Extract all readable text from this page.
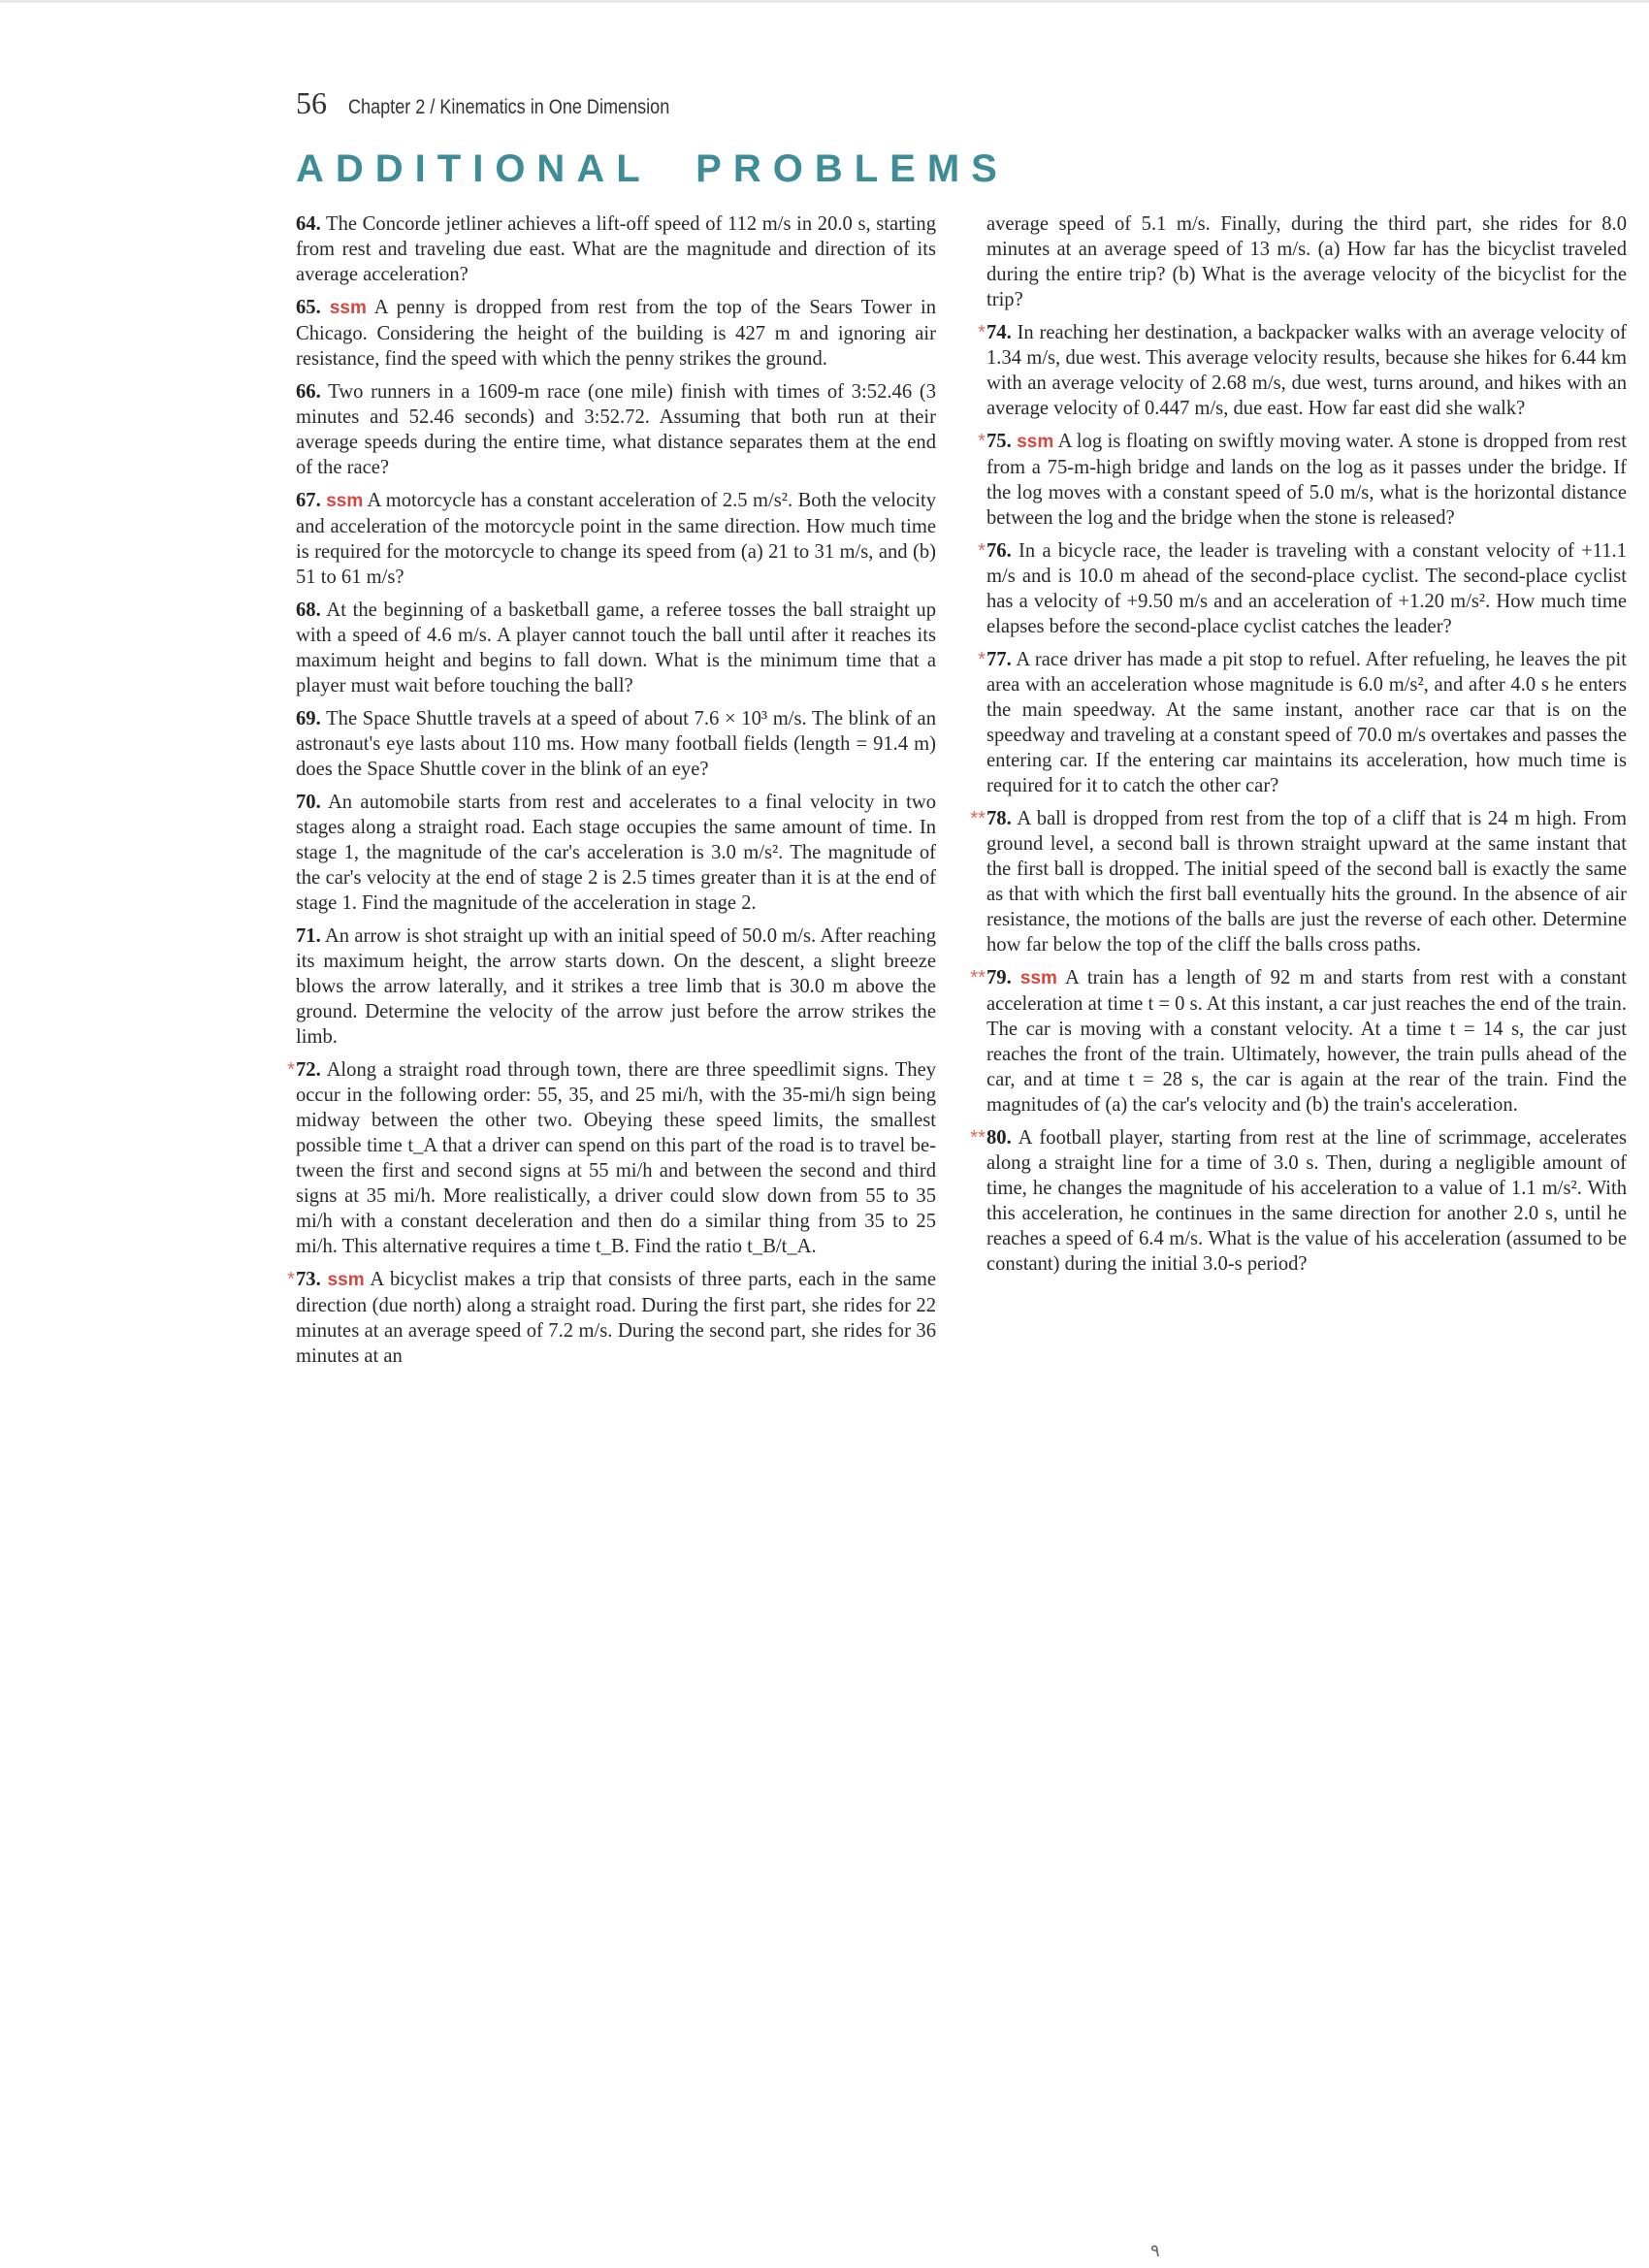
56 Chapter 2 / Kinematics in One Dimension
ADDITIONAL  PROBLEMS
64. The Concorde jetliner achieves a lift-off speed of 112 m/s in 20.0 s, starting from rest and traveling due east. What are the magnitude and direction of its average acceleration?
65. ssm A penny is dropped from rest from the top of the Sears Tower in Chicago. Considering the height of the building is 427 m and ignoring air resistance, find the speed with which the penny strikes the ground.
66. Two runners in a 1609-m race (one mile) finish with times of 3:52.46 (3 minutes and 52.46 seconds) and 3:52.72. Assuming that both run at their average speeds during the entire time, what distance separates them at the end of the race?
67. ssm A motorcycle has a constant acceleration of 2.5 m/s². Both the velocity and acceleration of the motorcycle point in the same direction. How much time is required for the motorcycle to change its speed from (a) 21 to 31 m/s, and (b) 51 to 61 m/s?
68. At the beginning of a basketball game, a referee tosses the ball straight up with a speed of 4.6 m/s. A player cannot touch the ball until after it reaches its maximum height and begins to fall down. What is the minimum time that a player must wait before touching the ball?
69. The Space Shuttle travels at a speed of about 7.6 × 10³ m/s. The blink of an astronaut's eye lasts about 110 ms. How many football fields (length = 91.4 m) does the Space Shuttle cover in the blink of an eye?
70. An automobile starts from rest and accelerates to a final velocity in two stages along a straight road. Each stage occupies the same amount of time. In stage 1, the magnitude of the car's acceleration is 3.0 m/s². The magnitude of the car's velocity at the end of stage 2 is 2.5 times greater than it is at the end of stage 1. Find the magnitude of the acceleration in stage 2.
71. An arrow is shot straight up with an initial speed of 50.0 m/s. After reaching its maximum height, the arrow starts down. On the descent, a slight breeze blows the arrow laterally, and it strikes a tree limb that is 30.0 m above the ground. Determine the velocity of the arrow just before the arrow strikes the limb.
* 72. Along a straight road through town, there are three speedlimit signs. They occur in the following order: 55, 35, and 25 mi/h, with the 35-mi/h sign being midway between the other two. Obeying these speed limits, the smallest possible time t_A that a driver can spend on this part of the road is to travel between the first and second signs at 55 mi/h and between the second and third signs at 35 mi/h. More realistically, a driver could slow down from 55 to 35 mi/h with a constant deceleration and then do a similar thing from 35 to 25 mi/h. This alternative requires a time t_B. Find the ratio t_B/t_A.
* 73. ssm A bicyclist makes a trip that consists of three parts, each in the same direction (due north) along a straight road. During the first part, she rides for 22 minutes at an average speed of 7.2 m/s. During the second part, she rides for 36 minutes at an
average speed of 5.1 m/s. Finally, during the third part, she rides for 8.0 minutes at an average speed of 13 m/s. (a) How far has the bicyclist traveled during the entire trip? (b) What is the average velocity of the bicyclist for the trip?
* 74. In reaching her destination, a backpacker walks with an average velocity of 1.34 m/s, due west. This average velocity results, because she hikes for 6.44 km with an average velocity of 2.68 m/s, due west, turns around, and hikes with an average velocity of 0.447 m/s, due east. How far east did she walk?
* 75. ssm A log is floating on swiftly moving water. A stone is dropped from rest from a 75-m-high bridge and lands on the log as it passes under the bridge. If the log moves with a constant speed of 5.0 m/s, what is the horizontal distance between the log and the bridge when the stone is released?
* 76. In a bicycle race, the leader is traveling with a constant velocity of +11.1 m/s and is 10.0 m ahead of the second-place cyclist. The second-place cyclist has a velocity of +9.50 m/s and an acceleration of +1.20 m/s². How much time elapses before the second-place cyclist catches the leader?
* 77. A race driver has made a pit stop to refuel. After refueling, he leaves the pit area with an acceleration whose magnitude is 6.0 m/s², and after 4.0 s he enters the main speedway. At the same instant, another race car that is on the speedway and traveling at a constant speed of 70.0 m/s overtakes and passes the entering car. If the entering car maintains its acceleration, how much time is required for it to catch the other car?
** 78. A ball is dropped from rest from the top of a cliff that is 24 m high. From ground level, a second ball is thrown straight upward at the same instant that the first ball is dropped. The initial speed of the second ball is exactly the same as that with which the first ball eventually hits the ground. In the absence of air resistance, the motions of the balls are just the reverse of each other. Determine how far below the top of the cliff the balls cross paths.
** 79. ssm A train has a length of 92 m and starts from rest with a constant acceleration at time t = 0 s. At this instant, a car just reaches the end of the train. The car is moving with a constant velocity. At a time t = 14 s, the car just reaches the front of the train. Ultimately, however, the train pulls ahead of the car, and at time t = 28 s, the car is again at the rear of the train. Find the magnitudes of (a) the car's velocity and (b) the train's acceleration.
** 80. A football player, starting from rest at the line of scrimmage, accelerates along a straight line for a time of 3.0 s. Then, during a negligible amount of time, he changes the magnitude of his acceleration to a value of 1.1 m/s². With this acceleration, he continues in the same direction for another 2.0 s, until he reaches a speed of 6.4 m/s. What is the value of his acceleration (assumed to be constant) during the initial 3.0-s period?
٩
